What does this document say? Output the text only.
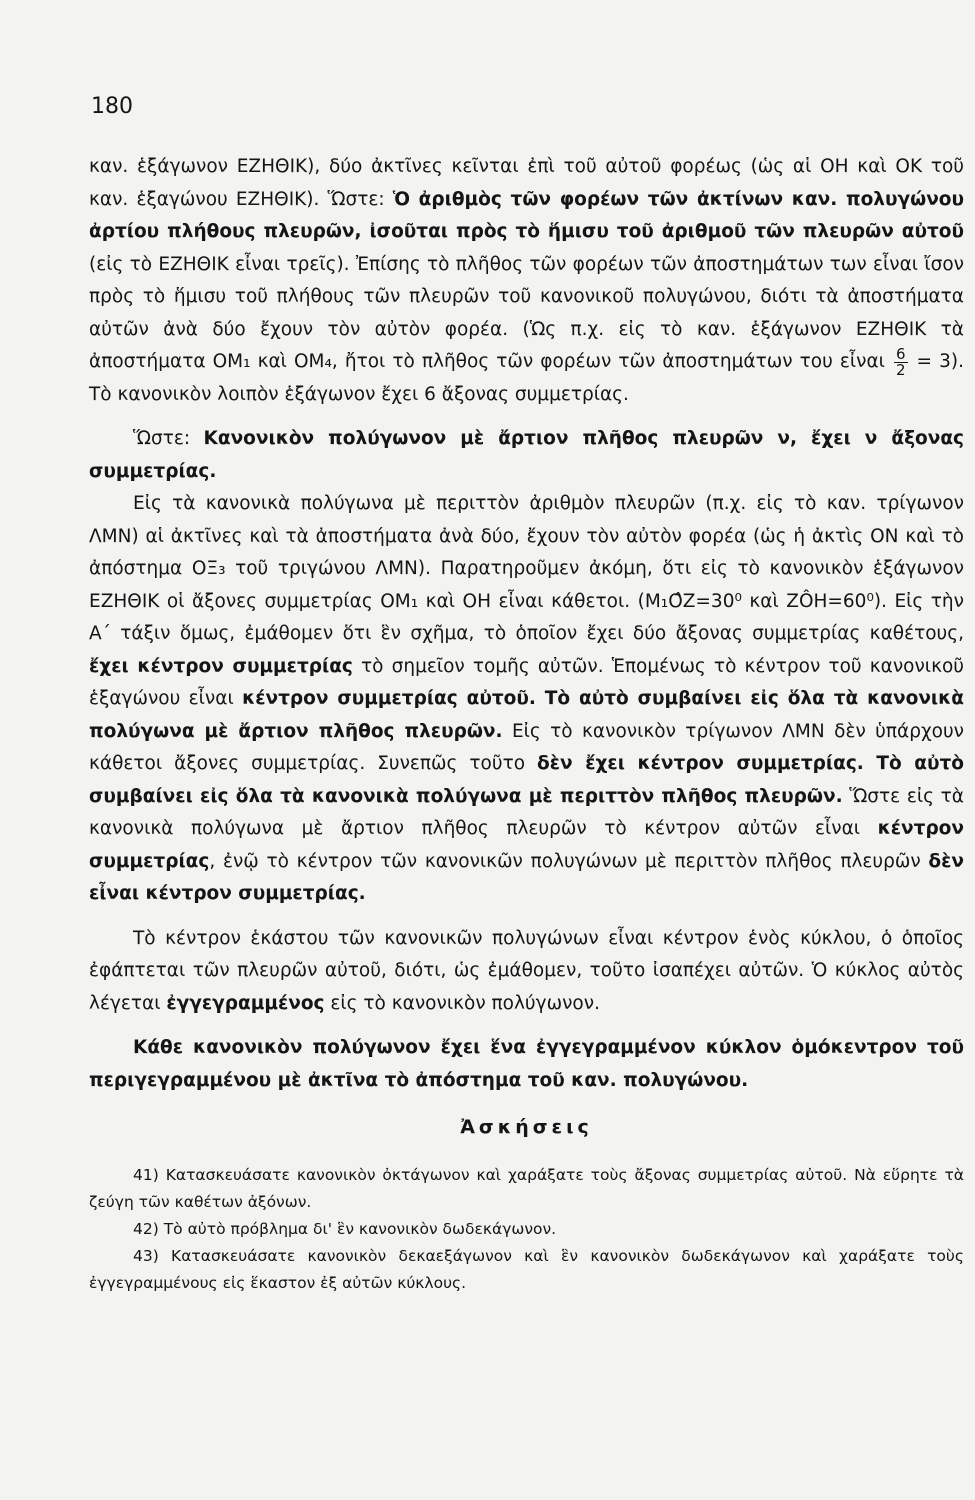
180

καν. ἑξάγωνον ΕΖΗΘΙΚ), δύο ἀκτῖνες κεῖνται ἐπὶ τοῦ αὐτοῦ φορέως (ὡς αἱ ΟΗ καὶ ΟΚ τοῦ καν. ἑξαγώνου ΕΖΗΘΙΚ). Ὥστε: Ὁ ἀριθμὸς τῶν φορέων τῶν ἀκτίνων καν. πολυγώνου ἀρτίου πλήθους πλευρῶν, ἰσοῦται πρὸς τὸ ἥμισυ τοῦ ἀριθμοῦ τῶν πλευρῶν αὐτοῦ (εἰς τὸ ΕΖΗΘΙΚ εἶναι τρεῖς). Ἐπίσης τὸ πλῆθος τῶν φορέων τῶν ἀποστημάτων των εἶναι ἴσον πρὸς τὸ ἥμισυ τοῦ πλήθους τῶν πλευρῶν τοῦ κανονικοῦ πολυγώνου, διότι τὰ ἀποστήματα αὐτῶν ἀνὰ δύο ἔχουν τὸν αὐτὸν φορέα. (Ὡς π.χ. εἰς τὸ καν. ἑξάγωνον ΕΖΗΘΙΚ τὰ ἀποστήματα ΟΜ₁ καὶ ΟΜ₄, ἤτοι τὸ πλῆθος τῶν φορέων τῶν ἀποστημάτων του εἶναι $\frac{6}{2} = 3$). Τὸ κανονικὸν λοιπὸν ἑξάγωνον ἔχει 6 ἄξονας συμμετρίας.

Ὥστε: Κανονικὸν πολύγωνον μὲ ἄρτιον πλῆθος πλευρῶν ν, ἔχει ν ἄξονας συμμετρίας.

Εἰς τὰ κανονικὰ πολύγωνα μὲ περιττὸν ἀριθμὸν πλευρῶν (π.χ. εἰς τὸ καν. τρίγωνον ΛΜΝ) αἱ ἀκτῖνες καὶ τὰ ἀποστήματα ἀνὰ δύο, ἔχουν τὸν αὐτὸν φορέα (ὡς ἡ ἀκτὶς ΟΝ καὶ τὸ ἀπόστημα ΟΞ₃ τοῦ τριγώνου ΛΜΝ). Παρατηροῦμεν ἀκόμη, ὅτι εἰς τὸ κανονικὸν ἑξάγωνον ΕΖΗΘΙΚ οἱ ἄξονες συμμετρίας ΟΜ₁ καὶ ΟΗ εἶναι κάθετοι. (Μ₁Ο̂Ζ=30⁰ καὶ ΖÔΗ=60⁰). Εἰς τὴν Α΄ τάξιν ὅμως, ἐμάθομεν ὅτι ἓν σχῆμα, τὸ ὁποῖον ἔχει δύο ἄξονας συμμετρίας καθέτους, ἔχει κέντρον συμμετρίας τὸ σημεῖον τομῆς αὐτῶν. Ἑπομένως τὸ κέντρον τοῦ κανονικοῦ ἑξαγώνου εἶναι κέντρον συμμετρίας αὐτοῦ. Τὸ αὐτὸ συμβαίνει εἰς ὅλα τὰ κανονικὰ πολύγωνα μὲ ἄρτιον πλῆθος πλευρῶν. Εἰς τὸ κανονικὸν τρίγωνον ΛΜΝ δὲν ὑπάρχουν κάθετοι ἄξονες συμμετρίας. Συνεπῶς τοῦτο δὲν ἔχει κέντρον συμμετρίας. Τὸ αὐτὸ συμβαίνει εἰς ὅλα τὰ κανονικὰ πολύγωνα μὲ περιττὸν πλῆθος πλευρῶν. Ὥστε εἰς τὰ κανονικὰ πολύγωνα μὲ ἄρτιον πλῆθος πλευρῶν τὸ κέντρον αὐτῶν εἶναι κέντρον συμμετρίας, ἐνῷ τὸ κέντρον τῶν κανονικῶν πολυγώνων μὲ περιττὸν πλῆθος πλευρῶν δὲν εἶναι κέντρον συμμετρίας.

Τὸ κέντρον ἑκάστου τῶν κανονικῶν πολυγώνων εἶναι κέντρον ἑνὸς κύκλου, ὁ ὁποῖος ἐφάπτεται τῶν πλευρῶν αὐτοῦ, διότι, ὡς ἐμάθομεν, τοῦτο ἰσαπέχει αὐτῶν. Ὁ κύκλος αὐτὸς λέγεται ἐγγεγραμμένος εἰς τὸ κανονικὸν πολύγωνον.

Κάθε κανονικὸν πολύγωνον ἔχει ἕνα ἐγγεγραμμένον κύκλον ὁμόκεντρον τοῦ περιγεγραμμένου μὲ ἀκτῖνα τὸ ἀπόστημα τοῦ καν. πολυγώνου.

Ἀσκήσεις

41) Κατασκευάσατε κανονικὸν ὀκτάγωνον καὶ χαράξατε τοὺς ἄξονας συμμετρίας αὐτοῦ. Νὰ εὕρητε τὰ ζεύγη τῶν καθέτων ἀξόνων.

42) Τὸ αὐτὸ πρόβλημα δι' ἓν κανονικὸν δωδεκάγωνον.

43) Κατασκευάσατε κανονικὸν δεκαεξάγωνον καὶ ἓν κανονικὸν δωδεκάγωνον καὶ χαράξατε τοὺς ἐγγεγραμμένους εἰς ἕκαστον ἐξ αὐτῶν κύκλους.
